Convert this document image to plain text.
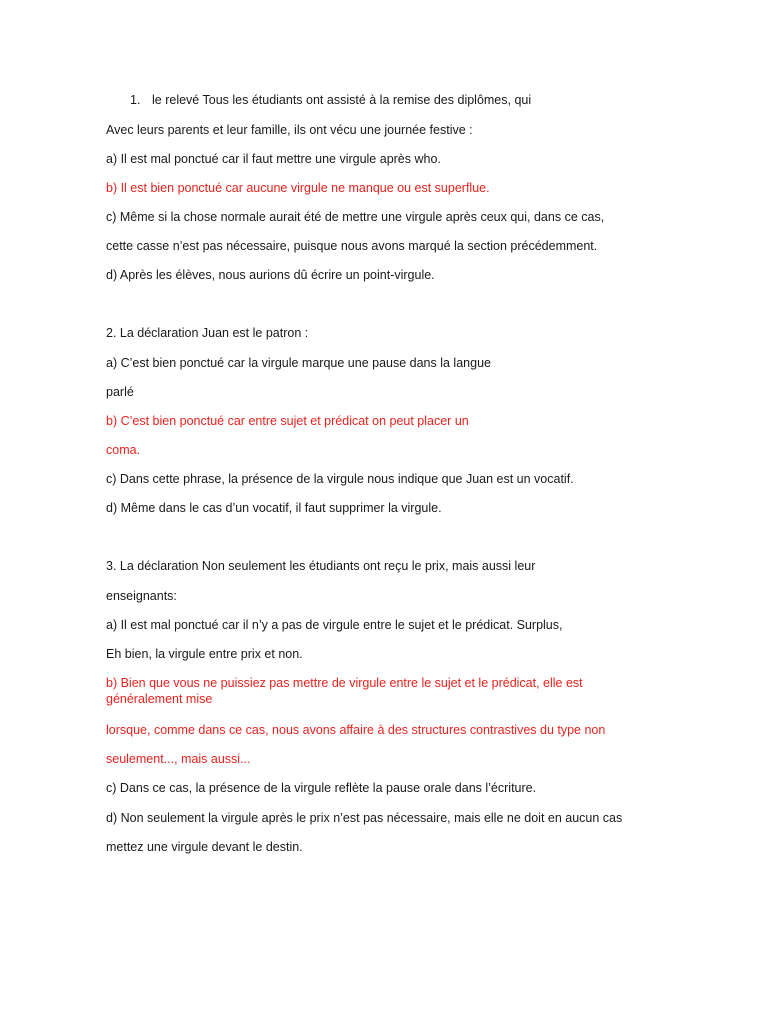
1. le relevé Tous les étudiants ont assisté à la remise des diplômes, qui
Avec leurs parents et leur famille, ils ont vécu une journée festive :
a) Il est mal ponctué car il faut mettre une virgule après who.
b) Il est bien ponctué car aucune virgule ne manque ou est superflue.
c) Même si la chose normale aurait été de mettre une virgule après ceux qui, dans ce cas,
cette casse n’est pas nécessaire, puisque nous avons marqué la section précédemment.
d) Après les élèves, nous aurions dû écrire un point-virgule.
2. La déclaration Juan est le patron :
a) C’est bien ponctué car la virgule marque une pause dans la langue
parlé
b) C’est bien ponctué car entre sujet et prédicat on peut placer un
coma.
c) Dans cette phrase, la présence de la virgule nous indique que Juan est un vocatif.
d) Même dans le cas d’un vocatif, il faut supprimer la virgule.
3. La déclaration Non seulement les étudiants ont reçu le prix, mais aussi leur
enseignants:
a) Il est mal ponctué car il n’y a pas de virgule entre le sujet et le prédicat. Surplus,
Eh bien, la virgule entre prix et non.
b) Bien que vous ne puissiez pas mettre de virgule entre le sujet et le prédicat, elle est généralement mise
lorsque, comme dans ce cas, nous avons affaire à des structures contrastives du type non
seulement..., mais aussi...
c) Dans ce cas, la présence de la virgule reflète la pause orale dans l’écriture.
d) Non seulement la virgule après le prix n’est pas nécessaire, mais elle ne doit en aucun cas
mettez une virgule devant le destin.
